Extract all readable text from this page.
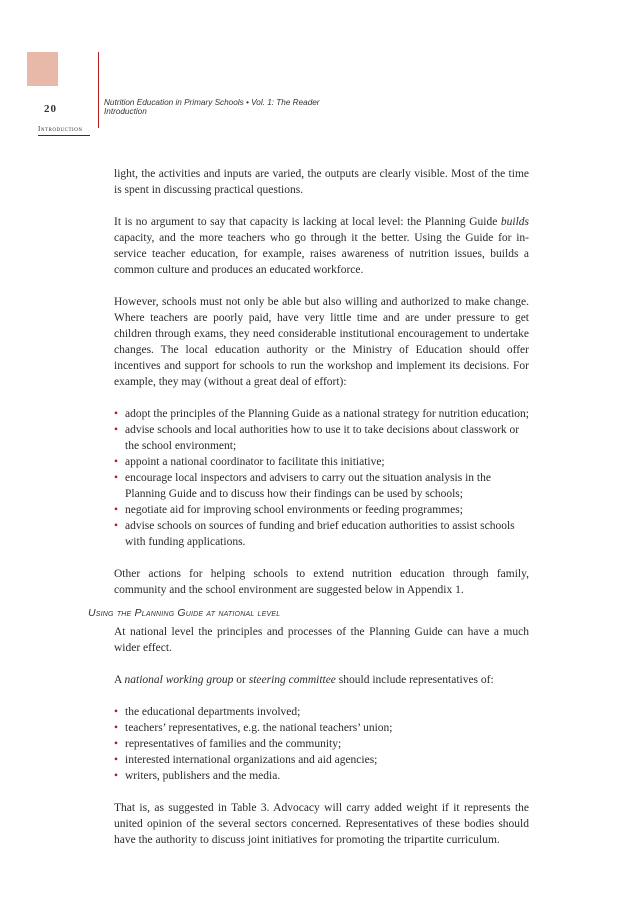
20
Nutrition Education in Primary Schools • Vol. 1: The Reader
Introduction
Introduction

light, the activities and inputs are varied, the outputs are clearly visible. Most of the time is spent in discussing practical questions.

It is no argument to say that capacity is lacking at local level: the Planning Guide builds capacity, and the more teachers who go through it the better. Using the Guide for in-service teacher education, for example, raises awareness of nutrition issues, builds a common culture and produces an educated workforce.

However, schools must not only be able but also willing and authorized to make change. Where teachers are poorly paid, have very little time and are under pressure to get children through exams, they need considerable institutional encouragement to undertake changes. The local education authority or the Ministry of Education should offer incentives and support for schools to run the workshop and implement its decisions. For example, they may (without a great deal of effort):

• adopt the principles of the Planning Guide as a national strategy for nutrition education;
• advise schools and local authorities how to use it to take decisions about classwork or the school environment;
• appoint a national coordinator to facilitate this initiative;
• encourage local inspectors and advisers to carry out the situation analysis in the Planning Guide and to discuss how their findings can be used by schools;
• negotiate aid for improving school environments or feeding programmes;
• advise schools on sources of funding and brief education authorities to assist schools with funding applications.

Other actions for helping schools to extend nutrition education through family, community and the school environment are suggested below in Appendix 1.

Using the Planning Guide at national level

At national level the principles and processes of the Planning Guide can have a much wider effect.

A national working group or steering committee should include representatives of:

• the educational departments involved;
• teachers’ representatives, e.g. the national teachers’ union;
• representatives of families and the community;
• interested international organizations and aid agencies;
• writers, publishers and the media.

That is, as suggested in Table 3. Advocacy will carry added weight if it represents the united opinion of the several sectors concerned. Representatives of these bodies should have the authority to discuss joint initiatives for promoting the tripartite curriculum.
